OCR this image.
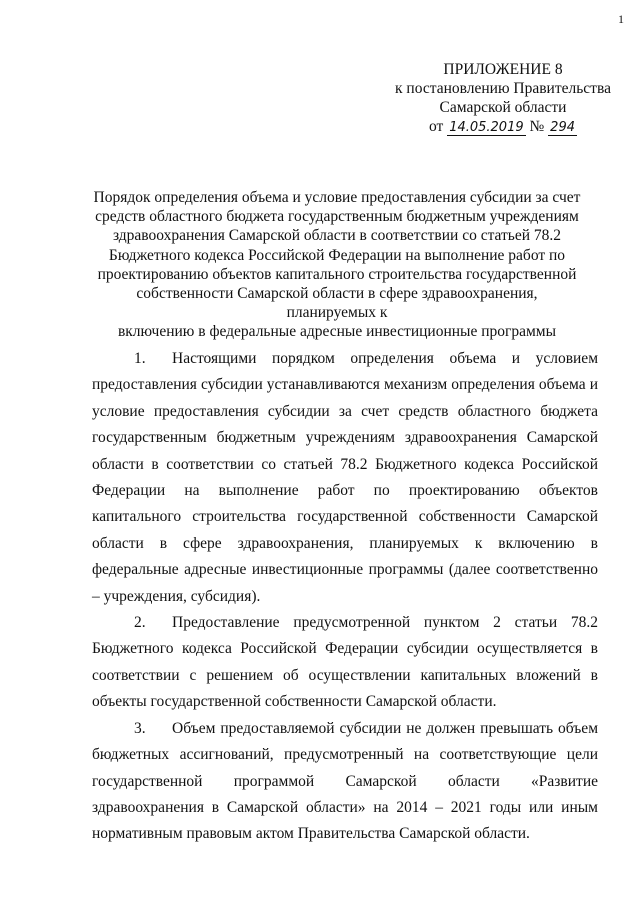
1
ПРИЛОЖЕНИЕ 8
к постановлению Правительства
Самарской области
от 14.05.2019 № 294
Порядок определения объема и условие предоставления субсидии за счет
средств областного бюджета государственным бюджетным учреждениям
здравоохранения Самарской области в соответствии со статьей 78.2
Бюджетного кодекса Российской Федерации на выполнение работ по
проектированию объектов капитального строительства государственной
собственности Самарской области в сфере здравоохранения, планируемых к
включению в федеральные адресные инвестиционные программы

1. Настоящими порядком определения объема и условием предоставления субсидии устанавливаются механизм определения объема и условие предоставления субсидии за счет средств областного бюджета государственным бюджетным учреждениям здравоохранения Самарской области в соответствии со статьей 78.2 Бюджетного кодекса Российской Федерации на выполнение работ по проектированию объектов капитального строительства государственной собственности Самарской области в сфере здравоохранения, планируемых к включению в федеральные адресные инвестиционные программы (далее соответственно – учреждения, субсидия).

2. Предоставление предусмотренной пунктом 2 статьи 78.2 Бюджетного кодекса Российской Федерации субсидии осуществляется в соответствии с решением об осуществлении капитальных вложений в объекты государственной собственности Самарской области.

3. Объем предоставляемой субсидии не должен превышать объем бюджетных ассигнований, предусмотренный на соответствующие цели государственной программой Самарской области «Развитие здравоохранения в Самарской области» на 2014 – 2021 годы или иным нормативным правовым актом Правительства Самарской области.
